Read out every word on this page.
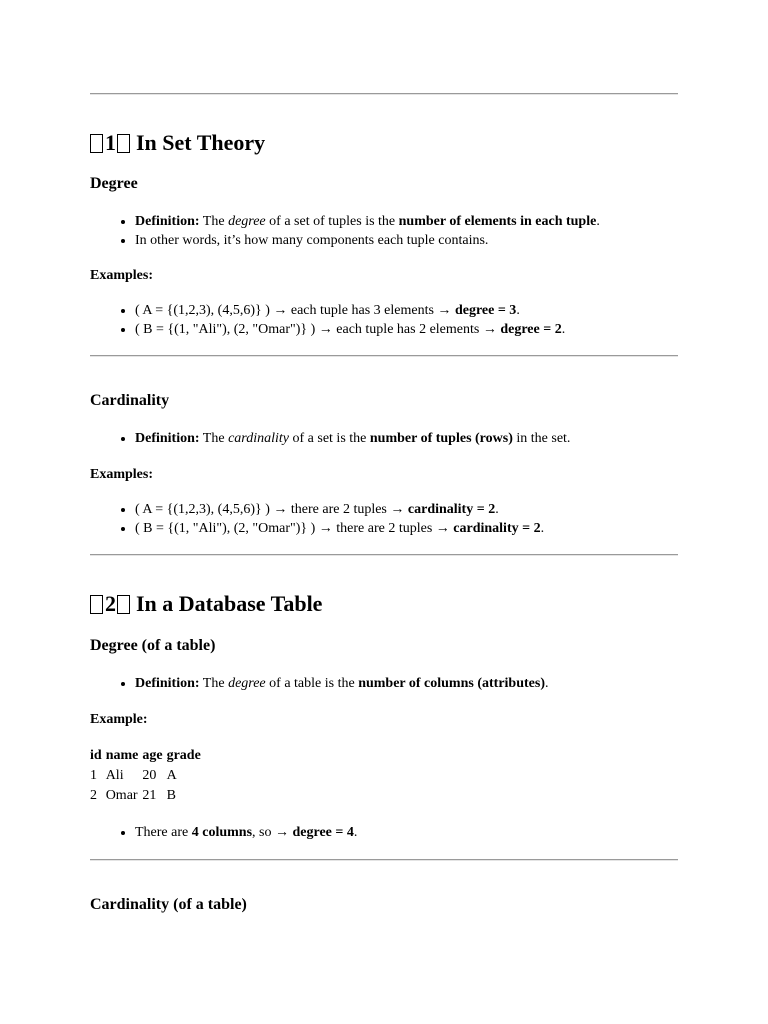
1 In Set Theory
Degree
• Definition: The degree of a set of tuples is the number of elements in each tuple.
• In other words, it’s how many components each tuple contains.
Examples:
• ( A = {(1,2,3), (4,5,6)} ) → each tuple has 3 elements → degree = 3.
• ( B = {(1, "Ali"), (2, "Omar")} ) → each tuple has 2 elements → degree = 2.
Cardinality
• Definition: The cardinality of a set is the number of tuples (rows) in the set.
Examples:
• ( A = {(1,2,3), (4,5,6)} ) → there are 2 tuples → cardinality = 2.
• ( B = {(1, "Ali"), (2, "Omar")} ) → there are 2 tuples → cardinality = 2.
2 In a Database Table
Degree (of a table)
• Definition: The degree of a table is the number of columns (attributes).
Example:
id	name	age	grade
1	Ali	20	A
2	Omar	21	B
• There are 4 columns, so → degree = 4.
Cardinality (of a table)
